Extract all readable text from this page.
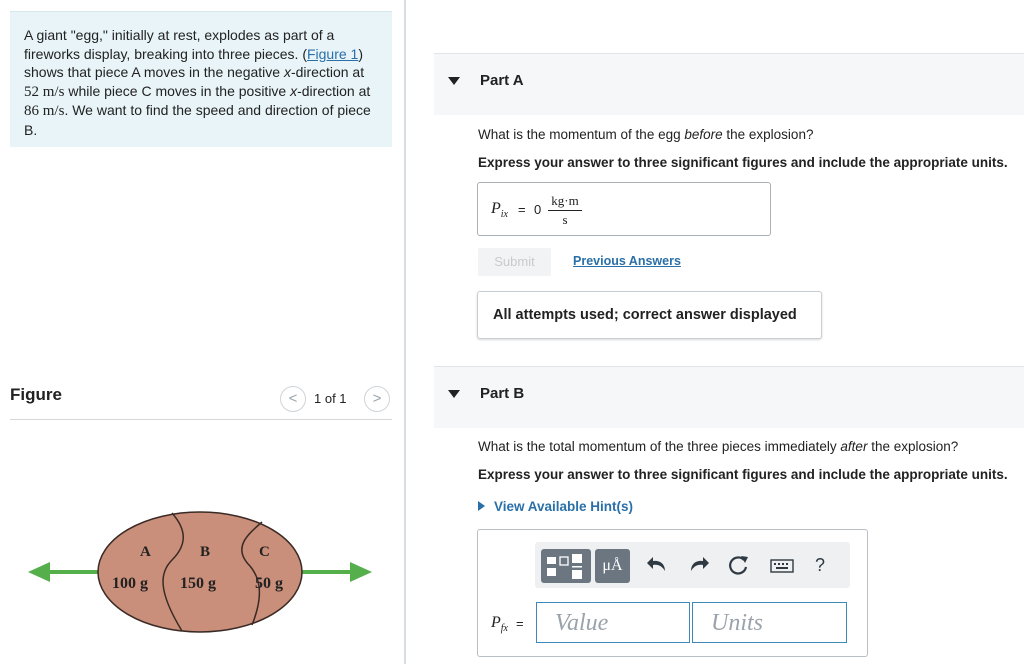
A giant "egg," initially at rest, explodes as part of a fireworks display, breaking into three pieces. (Figure 1) shows that piece A moves in the negative x-direction at 52 m/s while piece C moves in the positive x-direction at 86 m/s. We want to find the speed and direction of piece B.
Figure	<	1 of 1	>
A	B	C
100 g 150 g 50 g
Part A
What is the momentum of the egg before the explosion?
Express your answer to three significant figures and include the appropriate units.
$P_{ix} = 0 \frac{kg\cdot m}{s}$
Submit	Previous Answers
All attempts used; correct answer displayed
Part B
What is the total momentum of the three pieces immediately after the explosion?
Express your answer to three significant figures and include the appropriate units.
View Available Hint(s)
μÅ	?
$P_{fx}$ =	Value	Units
